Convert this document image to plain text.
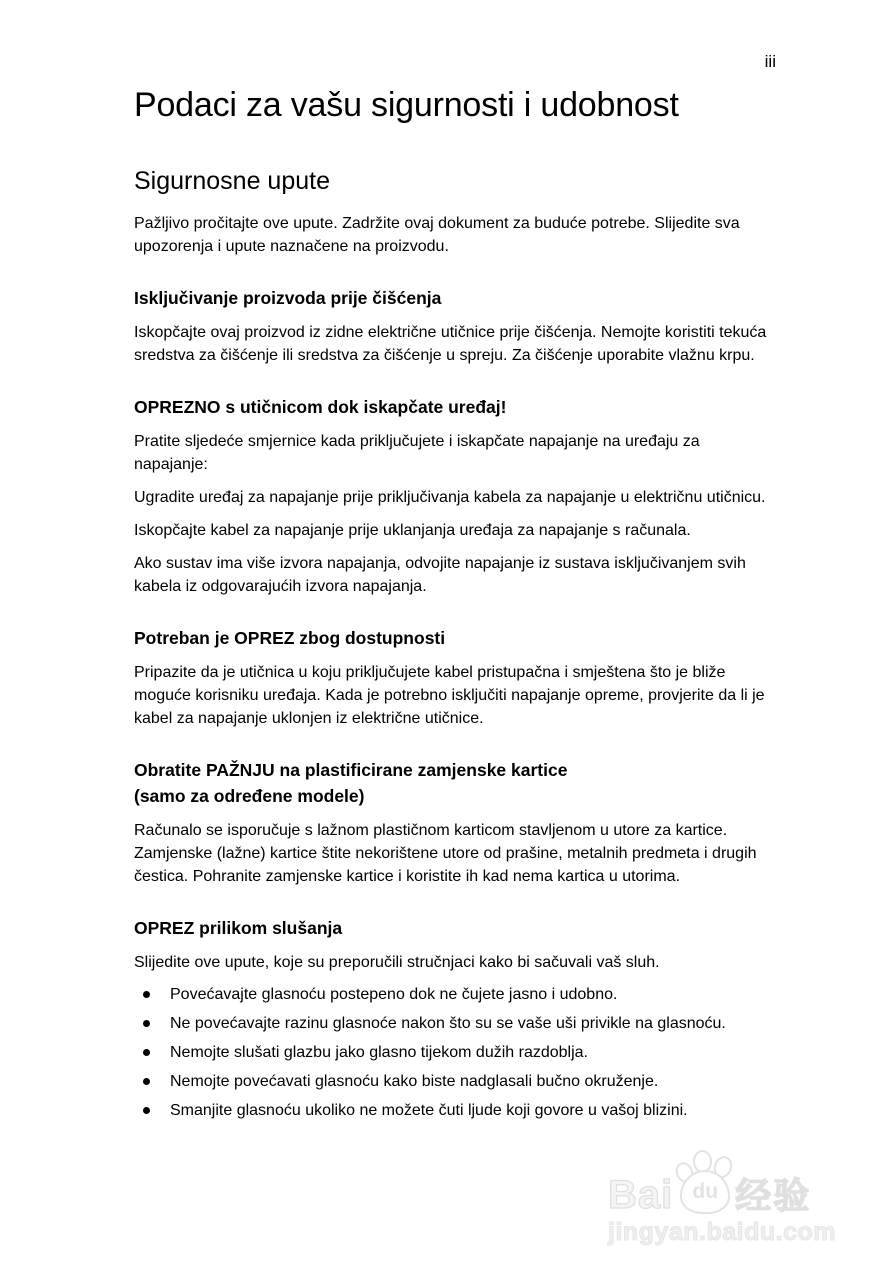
iii
Podaci za vašu sigurnosti i udobnost
Sigurnosne upute

Pažljivo pročitajte ove upute. Zadržite ovaj dokument za buduće potrebe. Slijedite sva upozorenja i upute naznačene na proizvodu.

Isključivanje proizvoda prije čišćenja

Iskopčajte ovaj proizvod iz zidne električne utičnice prije čišćenja. Nemojte koristiti tekuća sredstva za čišćenje ili sredstva za čišćenje u spreju. Za čišćenje uporabite vlažnu krpu.

OPREZNO s utičnicom dok iskapčate uređaj!

Pratite sljedeće smjernice kada priključujete i iskapčate napajanje na uređaju za napajanje:

Ugradite uređaj za napajanje prije priključivanja kabela za napajanje u električnu utičnicu.

Iskopčajte kabel za napajanje prije uklanjanja uređaja za napajanje s računala.

Ako sustav ima više izvora napajanja, odvojite napajanje iz sustava isključivanjem svih kabela iz odgovarajućih izvora napajanja.

Potreban je OPREZ zbog dostupnosti

Pripazite da je utičnica u koju priključujete kabel pristupačna i smještena što je bliže moguće korisniku uređaja. Kada je potrebno isključiti napajanje opreme, provjerite da li je kabel za napajanje uklonjen iz električne utičnice.

Obratite PAŽNJU na plastificirane zamjenske kartice
(samo za određene modele)

Računalo se isporučuje s lažnom plastičnom karticom stavljenom u utore za kartice. Zamjenske (lažne) kartice štite nekorištene utore od prašine, metalnih predmeta i drugih čestica. Pohranite zamjenske kartice i koristite ih kad nema kartica u utorima.

OPREZ prilikom slušanja

Slijedite ove upute, koje su preporučili stručnjaci kako bi sačuvali vaš sluh.

Povećavajte glasnoću postepeno dok ne čujete jasno i udobno.
Ne povećavajte razinu glasnoće nakon što su se vaše uši privikle na glasnoću.
Nemojte slušati glazbu jako glasno tijekom dužih razdoblja.
Nemojte povećavati glasnoću kako biste nadglasali bučno okruženje.
Smanjite glasnoću ukoliko ne možete čuti ljude koji govore u vašoj blizini.
Bai du 经验
jingyan.baidu.com
